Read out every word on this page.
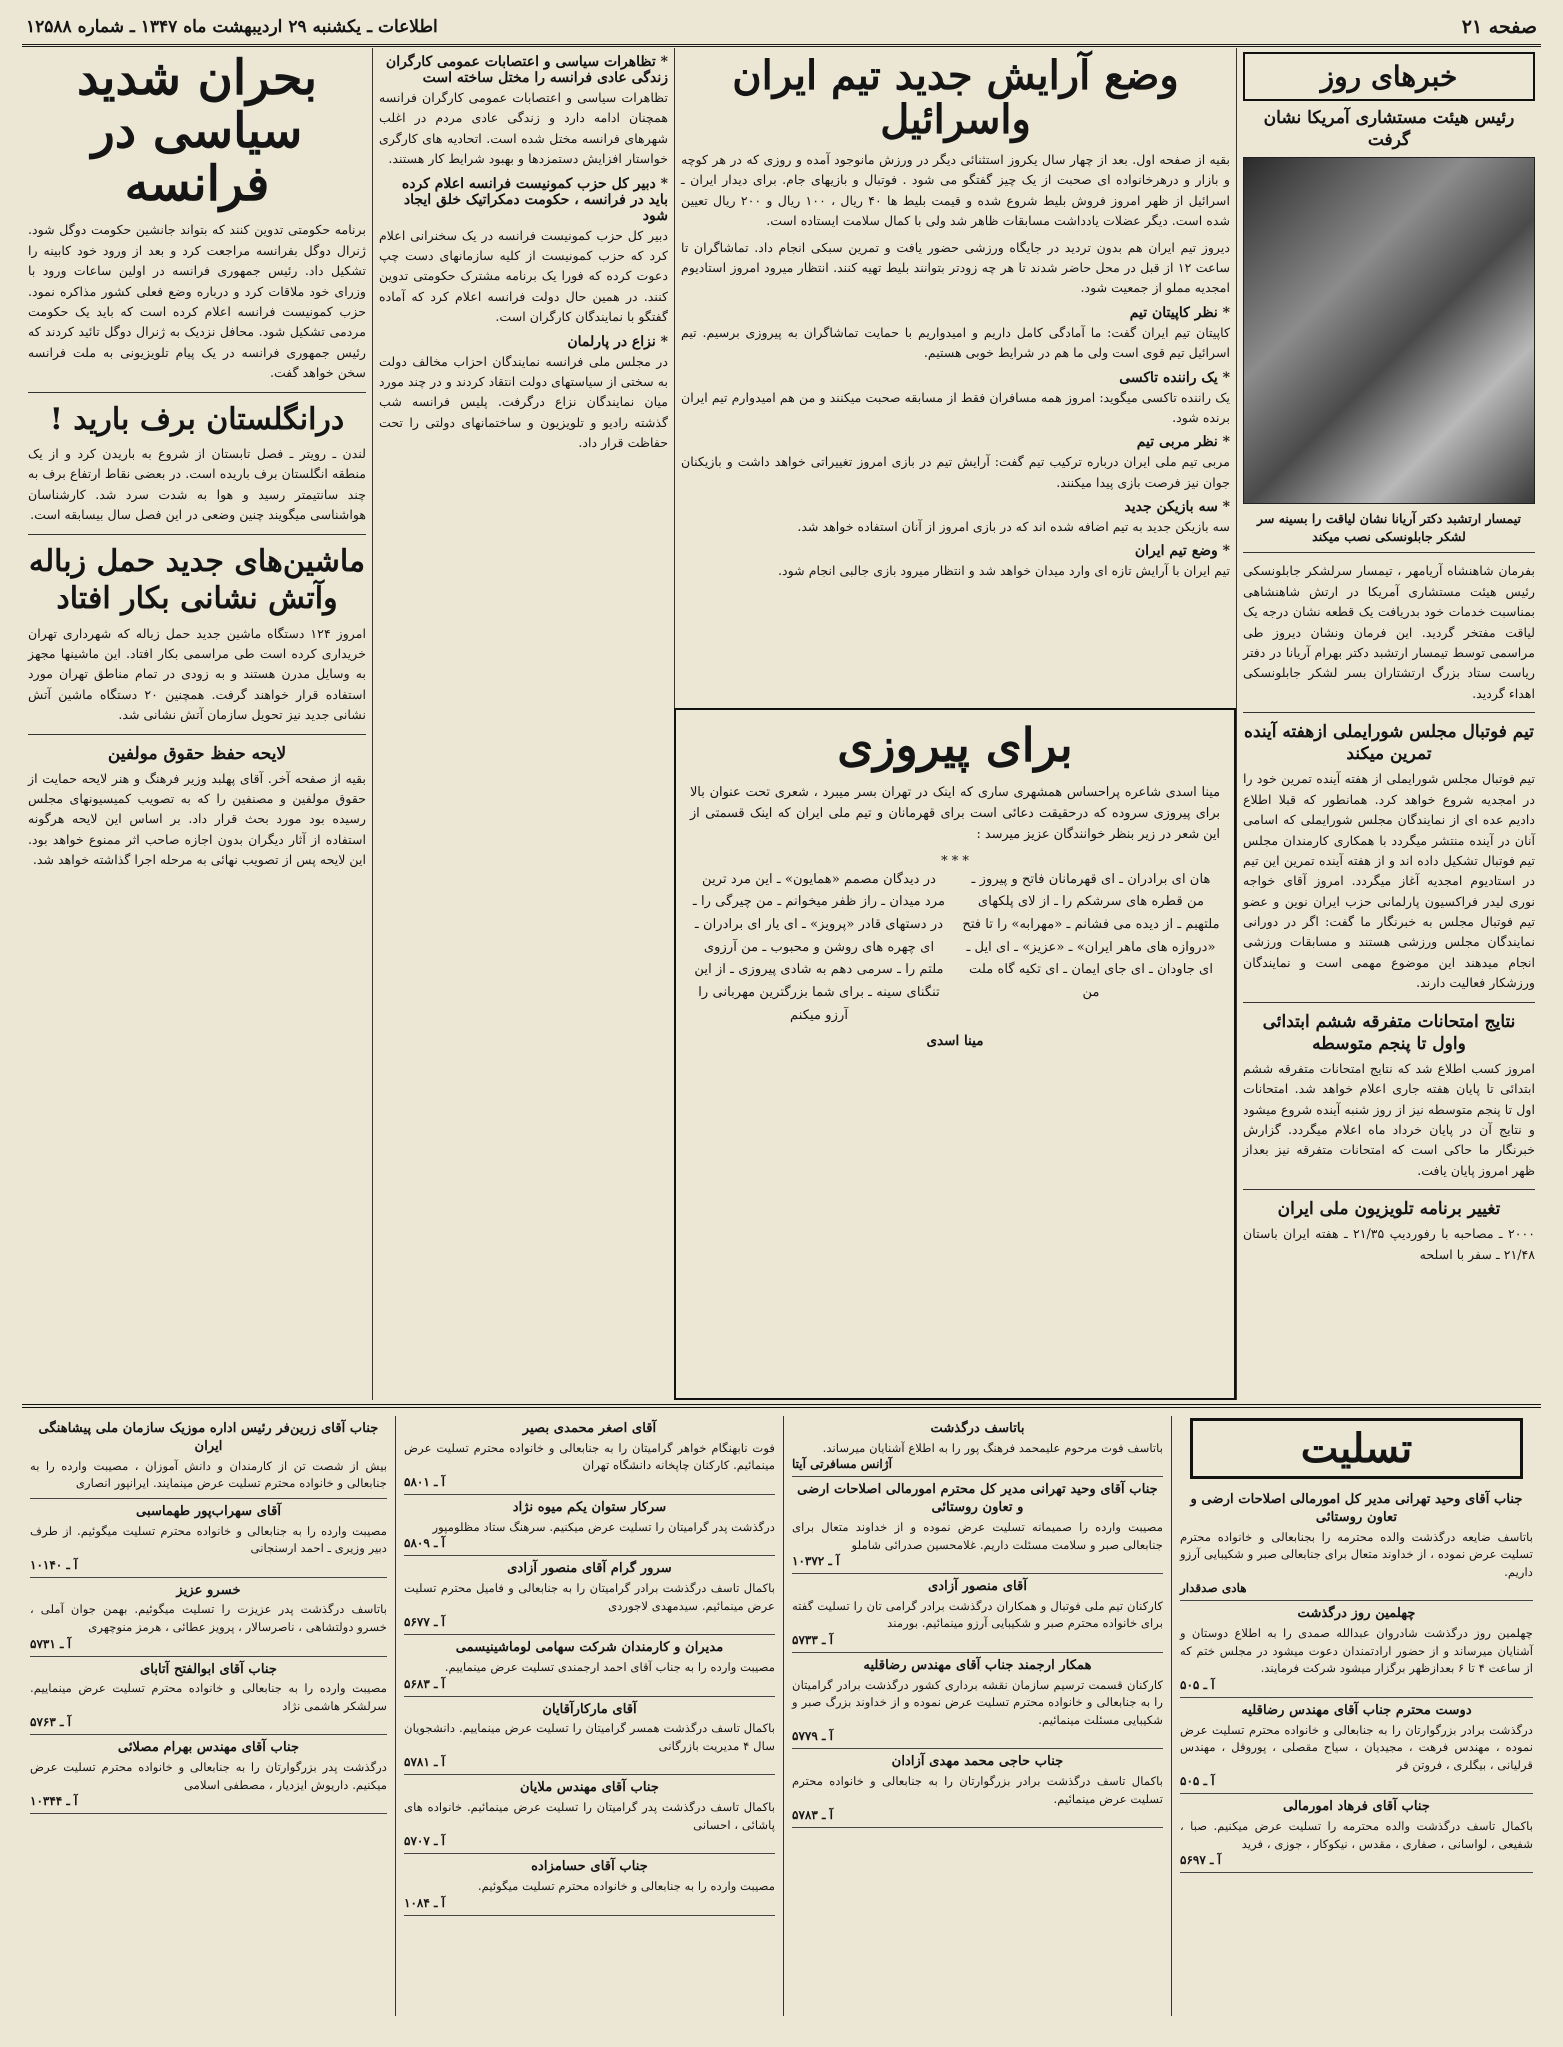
صفحه ۲۱
اطلاعات ـ یکشنبه ۲۹ اردیبهشت ماه ۱۳۴۷ ـ شماره ۱۲۵۸۸
خبرهای روز
رئیس هیئت مستشاری آمریکا نشان گرفت
تیمسار ارتشبد دکتر آریانا نشان لیاقت را بسینه سر لشکر جابلونسکی نصب میکند

بفرمان شاهنشاه آریامهر ، تیمسار سرلشکر جابلونسکی رئیس هیئت مستشاری آمریکا در ارتش شاهنشاهی بمناسبت خدمات خود بدریافت یک قطعه نشان درجه یک لیاقت مفتخر گردید. این فرمان ونشان دیروز طی مراسمی توسط تیمسار ارتشبد دکتر بهرام آریانا در دفتر ریاست ستاد بزرگ ارتشتاران بسر لشکر جابلونسکی اهداء گردید.

تیم فوتبال مجلس شورایملی ازهفته آینده تمرین میکند

تیم فوتبال مجلس شورایملی از هفته آینده تمرین خود را در امجدیه شروع خواهد کرد. همانطور که قبلا اطلاع دادیم عده ای از نمایندگان مجلس شورایملی که اسامی آنان در آینده منتشر میگردد با همکاری کارمندان مجلس تیم فوتبال تشکیل داده اند و از هفته آینده تمرین این تیم در استادیوم امجدیه آغاز میگردد. امروز آقای خواجه نوری لیدر فراکسیون پارلمانی حزب ایران نوین و عضو تیم فوتبال مجلس به خبرنگار ما گفت: اگر در دورانی نمایندگان مجلس ورزشی هستند و مسابقات ورزشی انجام میدهند این موضوع مهمی است و نمایندگان ورزشکار فعالیت دارند.

نتایج امتحانات متفرقه ششم ابتدائی واول تا پنجم متوسطه

امروز کسب اطلاع شد که نتایج امتحانات متفرقه ششم ابتدائی تا پایان هفته جاری اعلام خواهد شد. امتحانات اول تا پنجم متوسطه نیز از روز شنبه آینده شروع میشود و نتایج آن در پایان خرداد ماه اعلام میگردد. گزارش خبرنگار ما حاکی است که امتحانات متفرقه نیز بعداز ظهر امروز پایان یافت.

تغییر برنامه تلویزیون ملی ایران

۲۰۰۰ ـ مصاحبه با رفوردیپ ۲۱/۳۵ ـ هفته ایران باستان ۲۱/۴۸ ـ سفر با اسلحه

وضع آرایش جدید تیم ایران واسرائیل

بقیه از صفحه اول. بعد از چهار سال یکروز استثنائی دیگر در ورزش مانوجود آمده و روزی که در هر کوچه و بازار و درهرخانواده ای صحبت از یک چیز گفتگو می شود . فوتبال و بازیهای جام. برای دیدار ایران ـ اسرائیل از ظهر امروز فروش بلیط شروع شده و قیمت بلیط ها ۴۰ ریال ، ۱۰۰ ریال و ۲۰۰ ریال تعیین شده است. دیگر عضلات یادداشت مسابقات ظاهر شد ولی با کمال سلامت ایستاده است.

دیروز تیم ایران هم بدون ترديد در جایگاه ورزشی حضور یافت و تمرین سبکی انجام داد. تماشاگران تا ساعت ۱۲ از قبل در محل حاضر شدند تا هر چه زودتر بتوانند بلیط تهیه کنند. انتظار میرود امروز استادیوم امجدیه مملو از جمعیت شود.

* نظر کاپیتان تیم

کاپیتان تیم ایران گفت: ما آمادگی کامل داریم و امیدواریم با حمایت تماشاگران به پیروزی برسیم. تیم اسرائیل تیم قوی است ولی ما هم در شرایط خوبی هستیم.

* یک راننده تاکسی

یک راننده تاکسی میگوید: امروز همه مسافران فقط از مسابقه صحبت میکنند و من هم امیدوارم تیم ایران برنده شود.

* نظر مربی تیم

مربی تیم ملی ایران درباره ترکیب تیم گفت: آرایش تیم در بازی امروز تغییراتی خواهد داشت و بازیکنان جوان نیز فرصت بازی پیدا میکنند.

* سه بازیکن جدید

سه بازیکن جدید به تیم اضافه شده اند که در بازی امروز از آنان استفاده خواهد شد.

* وضع تیم ایران

تیم ایران با آرایش تازه ای وارد میدان خواهد شد و انتظار میرود بازی جالبی انجام شود.

برای پیروزی

مینا اسدی شاعره پراحساس همشهری ساری که اینک در تهران بسر میبرد ، شعری تحت عنوان بالا برای پیروزی سروده که درحقیقت دعائی است برای قهرمانان و تیم ملی ایران که اینک قسمتی از این شعر در زیر بنظر خوانندگان عزیز میرسد :

* * *
هان ای برادران ـ ای قهرمانان فاتح و پیروز ـ من قطره های سرشکم را ـ از لای پلکهای ملتهبم ـ از دیده می فشانم ـ «مهرابه» را تا فتح «دروازه های ماهر ایران» ـ «عزیز» ـ ای ایل ـ ای جاودان ـ ای جای ایمان ـ ای تکیه گاه ملت من
در دیدگان مصمم «همایون» ـ این مرد ترین مرد میدان ـ راز ظفر میخوانم ـ من چیرگی را ـ در دستهای قادر «پرویز» ـ ای یار ای برادران ـ ای چهره های روشن و محبوب ـ من آرزوی ملتم را ـ سرمی دهم به شادی پیروزی ـ از این تنگنای سینه ـ برای شما بزرگترین مهربانی را آرزو میکنم
مینا اسدی
* تظاهرات سیاسی و اعتصابات عمومی کارگران زندگی عادی فرانسه را مختل ساخته است

تظاهرات سیاسی و اعتصابات عمومی کارگران فرانسه همچنان ادامه دارد و زندگی عادی مردم در اغلب شهرهای فرانسه مختل شده است. اتحادیه های کارگری خواستار افزایش دستمزدها و بهبود شرایط کار هستند.

* دبیر کل حزب کمونیست فرانسه اعلام کرده باید در فرانسه ، حکومت دمکراتیک خلق ایجاد شود

دبیر کل حزب کمونیست فرانسه در یک سخنرانی اعلام کرد که حزب کمونیست از کلیه سازمانهای دست چپ دعوت کرده که فورا یک برنامه مشترک حکومتی تدوین کنند. در همین حال دولت فرانسه اعلام کرد که آماده گفتگو با نمایندگان کارگران است.

* نزاع در پارلمان

در مجلس ملی فرانسه نمایندگان احزاب مخالف دولت به سختی از سیاستهای دولت انتقاد کردند و در چند مورد میان نمایندگان نزاع درگرفت. پلیس فرانسه شب گذشته رادیو و تلویزیون و ساختمانهای دولتی را تحت حفاظت قرار داد.

بحران شدید سیاسی در فرانسه

برنامه حکومتی تدوین کنند که بتواند جانشین حکومت دوگل شود. ژنرال دوگل بفرانسه مراجعت کرد و بعد از ورود خود کابینه را تشکیل داد. رئیس جمهوری فرانسه در اولین ساعات ورود با وزرای خود ملاقات کرد و درباره وضع فعلی کشور مذاکره نمود. حزب کمونیست فرانسه اعلام کرده است که باید یک حکومت مردمی تشکیل شود. محافل نزدیک به ژنرال دوگل تائید کردند که رئیس جمهوری فرانسه در یک پیام تلویزیونی به ملت فرانسه سخن خواهد گفت.

درانگلستان برف بارید !

لندن ـ رویتر ـ فصل تابستان از شروع به باریدن کرد و از یک منطقه انگلستان برف باریده است. در بعضی نقاط ارتفاع برف به چند سانتیمتر رسید و هوا به شدت سرد شد. کارشناسان هواشناسی میگویند چنین وضعی در این فصل سال بیسابقه است.

ماشین‌های جدید حمل زباله وآتش نشانی بکار افتاد

امروز ۱۲۴ دستگاه ماشین جدید حمل زباله که شهرداری تهران خریداری کرده است طی مراسمی بکار افتاد. این ماشینها مجهز به وسایل مدرن هستند و به زودی در تمام مناطق تهران مورد استفاده قرار خواهند گرفت. همچنین ۲۰ دستگاه ماشین آتش نشانی جدید نیز تحویل سازمان آتش نشانی شد.

لایحه حفظ حقوق مولفین

بقیه از صفحه آخر. آقای پهلبد وزیر فرهنگ و هنر لایحه حمایت از حقوق مولفین و مصنفین را که به تصویب کمیسیونهای مجلس رسیده بود مورد بحث قرار داد. بر اساس این لایحه هرگونه استفاده از آثار دیگران بدون اجازه صاحب اثر ممنوع خواهد بود. این لایحه پس از تصویب نهائی به مرحله اجرا گذاشته خواهد شد.

تسلیت
جناب آقای وحید تهرانی مدیر کل امورمالی اصلاحات ارضی و تعاون روستائی
باتاسف ضایعه درگذشت والده محترمه را بجنابعالی و خانواده محترم تسلیت عرض نموده ، از خداوند متعال برای جنابعالی صبر و شکیبایی آرزو داریم.
هادی صدقدار
چهلمین روز درگذشت
چهلمین روز درگذشت شادروان عبدالله صمدی را به اطلاع دوستان و آشنایان میرساند و از حضور ارادتمندان دعوت میشود در مجلس ختم که از ساعت ۴ تا ۶ بعدازظهر برگزار میشود شرکت فرمایند.
آ ـ ۵۰۵
دوست محترم جناب آقای مهندس رضاقلیه
درگذشت برادر بزرگوارتان را به جنابعالی و خانواده محترم تسلیت عرض نموده ، مهندس فرهت ، مجیدیان ، سیاح مقصلی ، پوروفل ، مهندس قرلیانی ، بیگلری ، فروتن فر
آ ـ ۵۰۵
جناب آقای فرهاد امورمالی
باکمال تاسف درگذشت والده محترمه را تسلیت عرض میکنیم. صبا ، شفیعی ، لواسانی ، صفاری ، مقدس ، نیکوکار ، جوزی ، فرید
آ ـ ۵۶۹۷
باتاسف درگذشت
باتاسف فوت مرحوم علیمحمد فرهنگ پور را به اطلاع آشنایان میرساند.
آژانس مسافرتی آیتا
جناب آقای وحید تهرانی مدیر کل محترم امورمالی اصلاحات ارضی و تعاون روستائی
مصیبت وارده را صمیمانه تسلیت عرض نموده و از خداوند متعال برای جنابعالی صبر و سلامت مسئلت داریم. غلامحسین صدرائی شاملو
آ ـ ۱۰۳۷۲
آقای منصور آزادی
کارکنان تیم ملی فوتبال و همکاران درگذشت برادر گرامی تان را تسلیت گفته برای خانواده محترم صبر و شکیبایی آرزو مینمائیم. بورمند
آ ـ ۵۷۳۳
همکار ارجمند جناب آقای مهندس رضاقلیه
کارکنان قسمت ترسیم سازمان نقشه برداری کشور درگذشت برادر گرامیتان را به جنابعالی و خانواده محترم تسلیت عرض نموده و از خداوند بزرگ صبر و شکیبایی مسئلت مینمائیم.
آ ـ ۵۷۷۹
جناب حاجی محمد مهدی آزادان
باکمال تاسف درگذشت برادر بزرگوارتان را به جنابعالی و خانواده محترم تسلیت عرض مینمائیم.
آ ـ ۵۷۸۳
آقای اصغر محمدی بصیر
فوت نابهنگام خواهر گرامیتان را به جنابعالی و خانواده محترم تسلیت عرض مینمائیم. کارکنان چاپخانه دانشگاه تهران
آ ـ ۵۸۰۱
سرکار ستوان یکم میوه نژاد
درگذشت پدر گرامیتان را تسلیت عرض میکنیم. سرهنگ ستاد مظلومپور
آ ـ ۵۸۰۹
سرور گرام آقای منصور آزادی
باکمال تاسف درگذشت برادر گرامیتان را به جنابعالی و فامیل محترم تسلیت عرض مینمائیم. سیدمهدی لاجوردی
آ ـ ۵۶۷۷
مدیران و کارمندان شرکت سهامی لوماشینیسمی
مصیبت وارده را به جناب آقای احمد ارجمندی تسلیت عرض مینماییم.
آ ـ ۵۶۸۳
آقای مارکارآقایان
باکمال تاسف درگذشت همسر گرامیتان را تسلیت عرض مینماییم. دانشجویان سال ۴ مدیریت بازرگانی
آ ـ ۵۷۸۱
جناب آقای مهندس ملایان
باکمال تاسف درگذشت پدر گرامیتان را تسلیت عرض مینمائیم. خانواده های پاشائی ، احسانی
آ ـ ۵۷۰۷
جناب آقای حسامزاده
مصیبت وارده را به جنابعالی و خانواده محترم تسلیت میگوئیم.
آ ـ ۱۰۸۴
جناب آقای زرین‌فر رئیس اداره موزیک سازمان ملی پیشاهنگی ایران
بیش از شصت تن از کارمندان و دانش آموزان ، مصیبت وارده را به جنابعالی و خانواده محترم تسلیت عرض مینمایند. ایرانپور انصاری
آقای سهراب‌پور طهماسبی
مصیبت وارده را به جنابعالی و خانواده محترم تسلیت میگوئیم. از طرف دبیر وزیری ـ احمد ارسنجانی
آ ـ ۱۰۱۴۰
خسرو عزیز
باتاسف درگذشت پدر عزیزت را تسلیت میگوئیم. بهمن جوان آملی ، خسرو دولتشاهی ، ناصرسالار ، پرویز عطائی ، هرمز منوچهری
آ ـ ۵۷۳۱
جناب آقای ابوالفتح آتابای
مصیبت وارده را به جنابعالی و خانواده محترم تسلیت عرض مینماییم. سرلشکر هاشمی نژاد
آ ـ ۵۷۶۳
جناب آقای مهندس بهرام مصلائی
درگذشت پدر بزرگوارتان را به جنابعالی و خانواده محترم تسلیت عرض میکنیم. داریوش ایزدیار ، مصطفی اسلامی
آ ـ ۱۰۳۴۴
